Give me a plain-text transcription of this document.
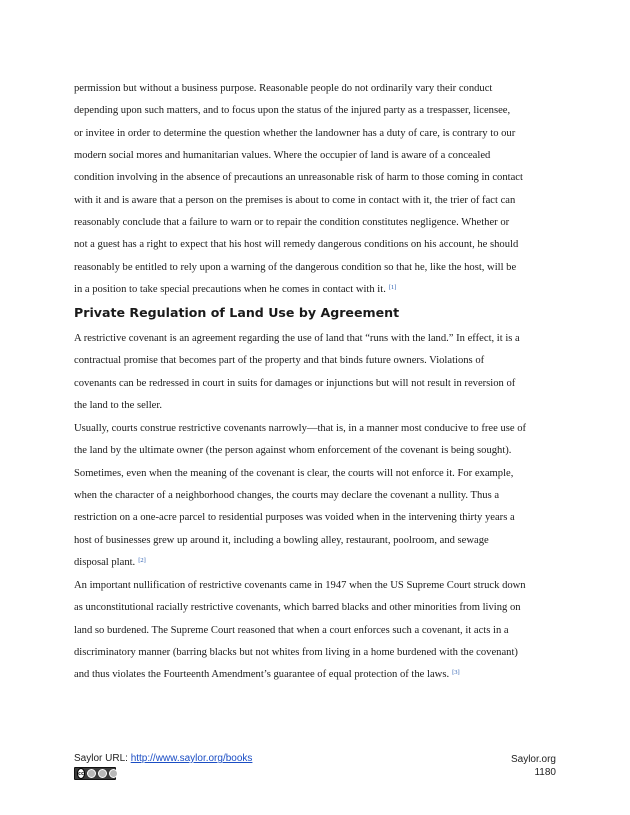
permission but without a business purpose. Reasonable people do not ordinarily vary their conduct
depending upon such matters, and to focus upon the status of the injured party as a trespasser, licensee,
or invitee in order to determine the question whether the landowner has a duty of care, is contrary to our
modern social mores and humanitarian values. Where the occupier of land is aware of a concealed
condition involving in the absence of precautions an unreasonable risk of harm to those coming in contact
with it and is aware that a person on the premises is about to come in contact with it, the trier of fact can
reasonably conclude that a failure to warn or to repair the condition constitutes negligence. Whether or
not a guest has a right to expect that his host will remedy dangerous conditions on his account, he should
reasonably be entitled to rely upon a warning of the dangerous condition so that he, like the host, will be
in a position to take special precautions when he comes in contact with it. [1]

Private Regulation of Land Use by Agreement

A restrictive covenant is an agreement regarding the use of land that “runs with the land.” In effect, it is a
contractual promise that becomes part of the property and that binds future owners. Violations of
covenants can be redressed in court in suits for damages or injunctions but will not result in reversion of
the land to the seller.

Usually, courts construe restrictive covenants narrowly—that is, in a manner most conducive to free use of
the land by the ultimate owner (the person against whom enforcement of the covenant is being sought).
Sometimes, even when the meaning of the covenant is clear, the courts will not enforce it. For example,
when the character of a neighborhood changes, the courts may declare the covenant a nullity. Thus a
restriction on a one-acre parcel to residential purposes was voided when in the intervening thirty years a
host of businesses grew up around it, including a bowling alley, restaurant, poolroom, and sewage
disposal plant. [2]

An important nullification of restrictive covenants came in 1947 when the US Supreme Court struck down
as unconstitutional racially restrictive covenants, which barred blacks and other minorities from living on
land so burdened. The Supreme Court reasoned that when a court enforces such a covenant, it acts in a
discriminatory manner (barring blacks but not whites from living in a home burdened with the covenant)
and thus violates the Fourteenth Amendment’s guarantee of equal protection of the laws. [3]

Saylor URL: http://www.saylor.org/books
cc
Saylor.org
1180
